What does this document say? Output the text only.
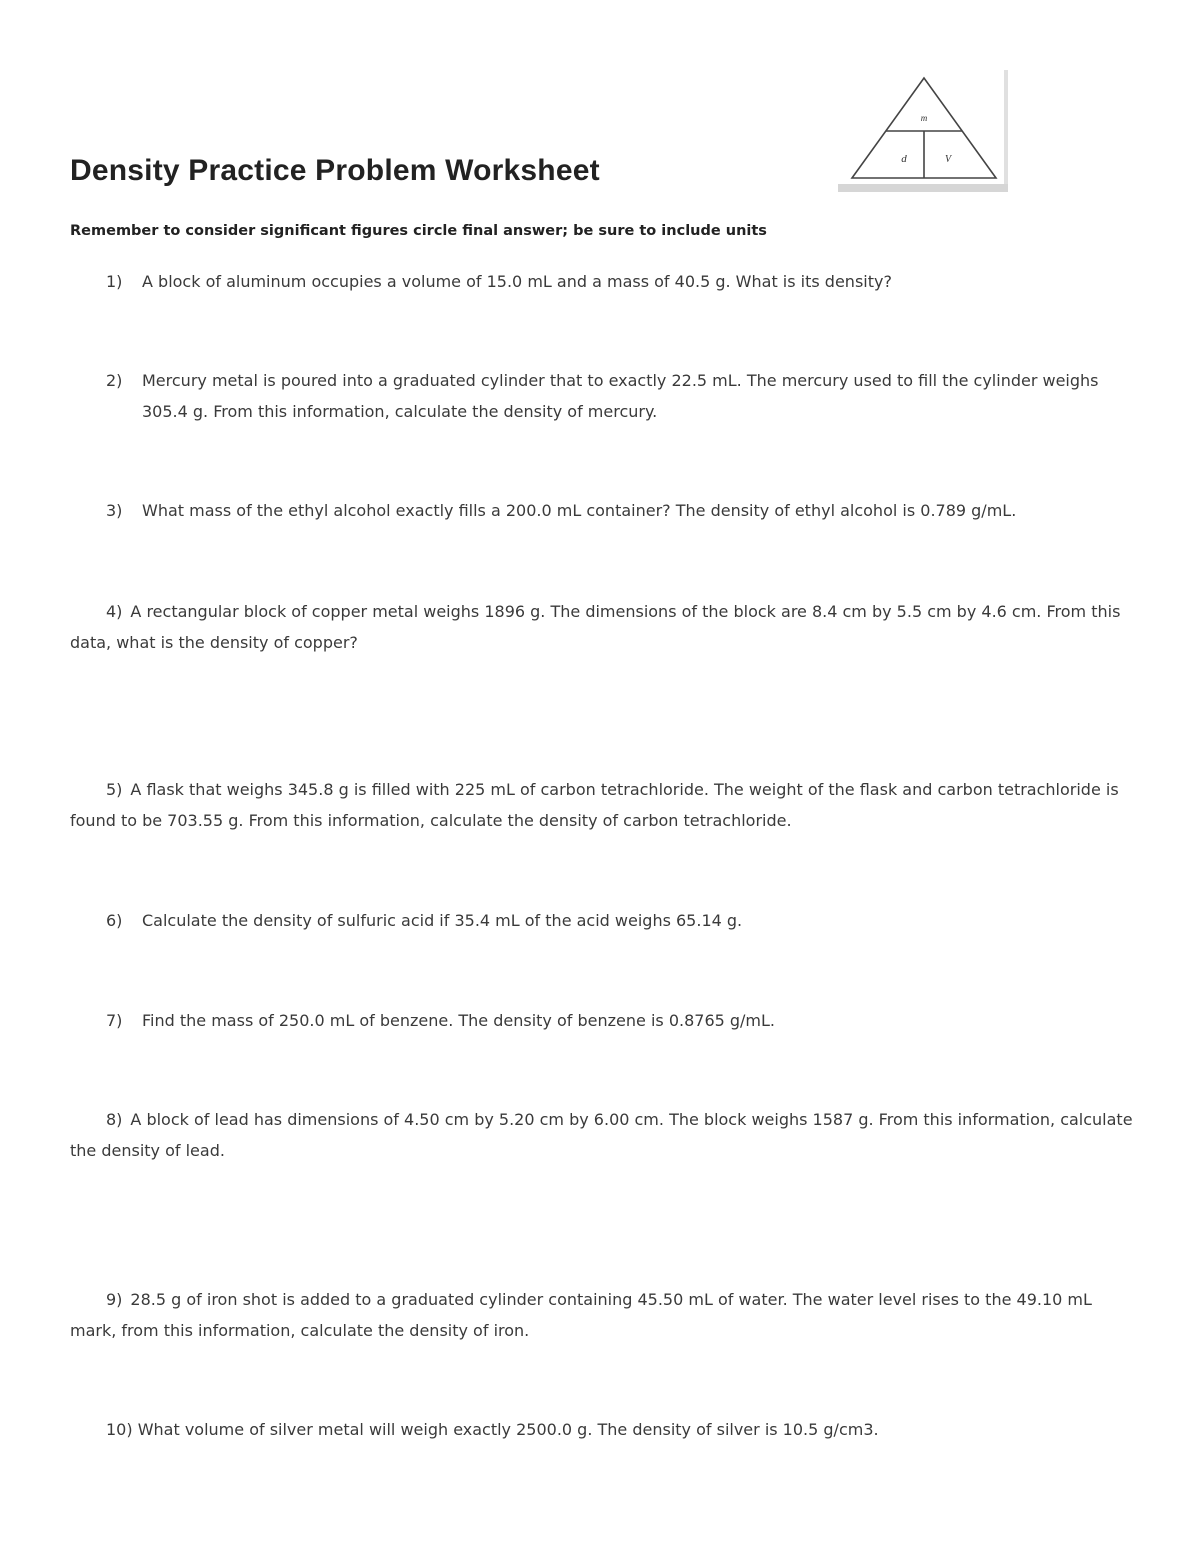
m
d	V
Density Practice Problem Worksheet
Remember to consider significant figures circle final answer; be sure to include units
1) A block of aluminum occupies a volume of 15.0 mL and a mass of 40.5 g. What is its density?
2) Mercury metal is poured into a graduated cylinder that to exactly 22.5 mL. The mercury used to fill the cylinder weighs 305.4 g. From this information, calculate the density of mercury.
3) What mass of the ethyl alcohol exactly fills a 200.0 mL container? The density of ethyl alcohol is 0.789 g/mL.
4) A rectangular block of copper metal weighs 1896 g. The dimensions of the block are 8.4 cm by 5.5 cm by 4.6 cm. From this data, what is the density of copper?
5) A flask that weighs 345.8 g is filled with 225 mL of carbon tetrachloride. The weight of the flask and carbon tetrachloride is found to be 703.55 g. From this information, calculate the density of carbon tetrachloride.
6) Calculate the density of sulfuric acid if 35.4 mL of the acid weighs 65.14 g.
7) Find the mass of 250.0 mL of benzene. The density of benzene is 0.8765 g/mL.
8) A block of lead has dimensions of 4.50 cm by 5.20 cm by 6.00 cm. The block weighs 1587 g. From this information, calculate the density of lead.
9) 28.5 g of iron shot is added to a graduated cylinder containing 45.50 mL of water. The water level rises to the 49.10 mL mark, from this information, calculate the density of iron.
10) What volume of silver metal will weigh exactly 2500.0 g. The density of silver is 10.5 g/cm3.
